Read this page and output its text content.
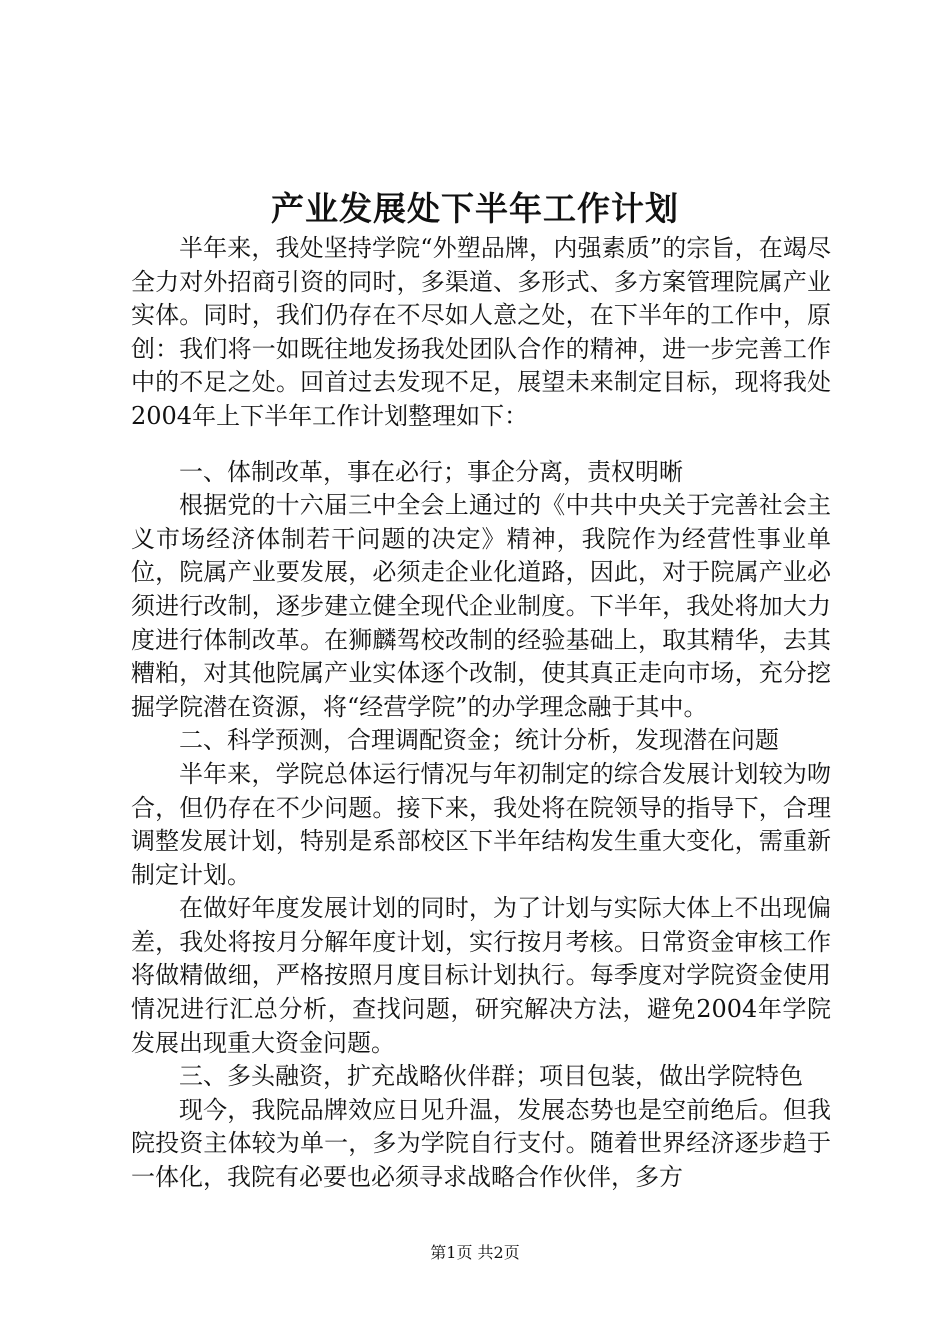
产业发展处下半年工作计划

半年来，我处坚持学院“外塑品牌，内强素质”的宗旨，在竭尽全力对外招商引资的同时，多渠道、多形式、多方案管理院属产业实体。同时，我们仍存在不尽如人意之处，在下半年的工作中，原创：我们将一如既往地发扬我处团队合作的精神，进一步完善工作中的不足之处。回首过去发现不足，展望未来制定目标，现将我处2004年上下半年工作计划整理如下：

一、体制改革，事在必行；事企分离，责权明晰

根据党的十六届三中全会上通过的《中共中央关于完善社会主义市场经济体制若干问题的决定》精神，我院作为经营性事业单位，院属产业要发展，必须走企业化道路，因此，对于院属产业必须进行改制，逐步建立健全现代企业制度。下半年，我处将加大力度进行体制改革。在狮麟驾校改制的经验基础上，取其精华，去其糟粕，对其他院属产业实体逐个改制，使其真正走向市场，充分挖掘学院潜在资源，将“经营学院”的办学理念融于其中。

二、科学预测，合理调配资金；统计分析，发现潜在问题

半年来，学院总体运行情况与年初制定的综合发展计划较为吻合，但仍存在不少问题。接下来，我处将在院领导的指导下，合理调整发展计划，特别是系部校区下半年结构发生重大变化，需重新制定计划。

在做好年度发展计划的同时，为了计划与实际大体上不出现偏差，我处将按月分解年度计划，实行按月考核。日常资金审核工作将做精做细，严格按照月度目标计划执行。每季度对学院资金使用情况进行汇总分析，查找问题，研究解决方法，避免2004年学院发展出现重大资金问题。

三、多头融资，扩充战略伙伴群；项目包装，做出学院特色

现今，我院品牌效应日见升温，发展态势也是空前绝后。但我院投资主体较为单一，多为学院自行支付。随着世界经济逐步趋于一体化，我院有必要也必须寻求战略合作伙伴，多方

第1页 共2页
